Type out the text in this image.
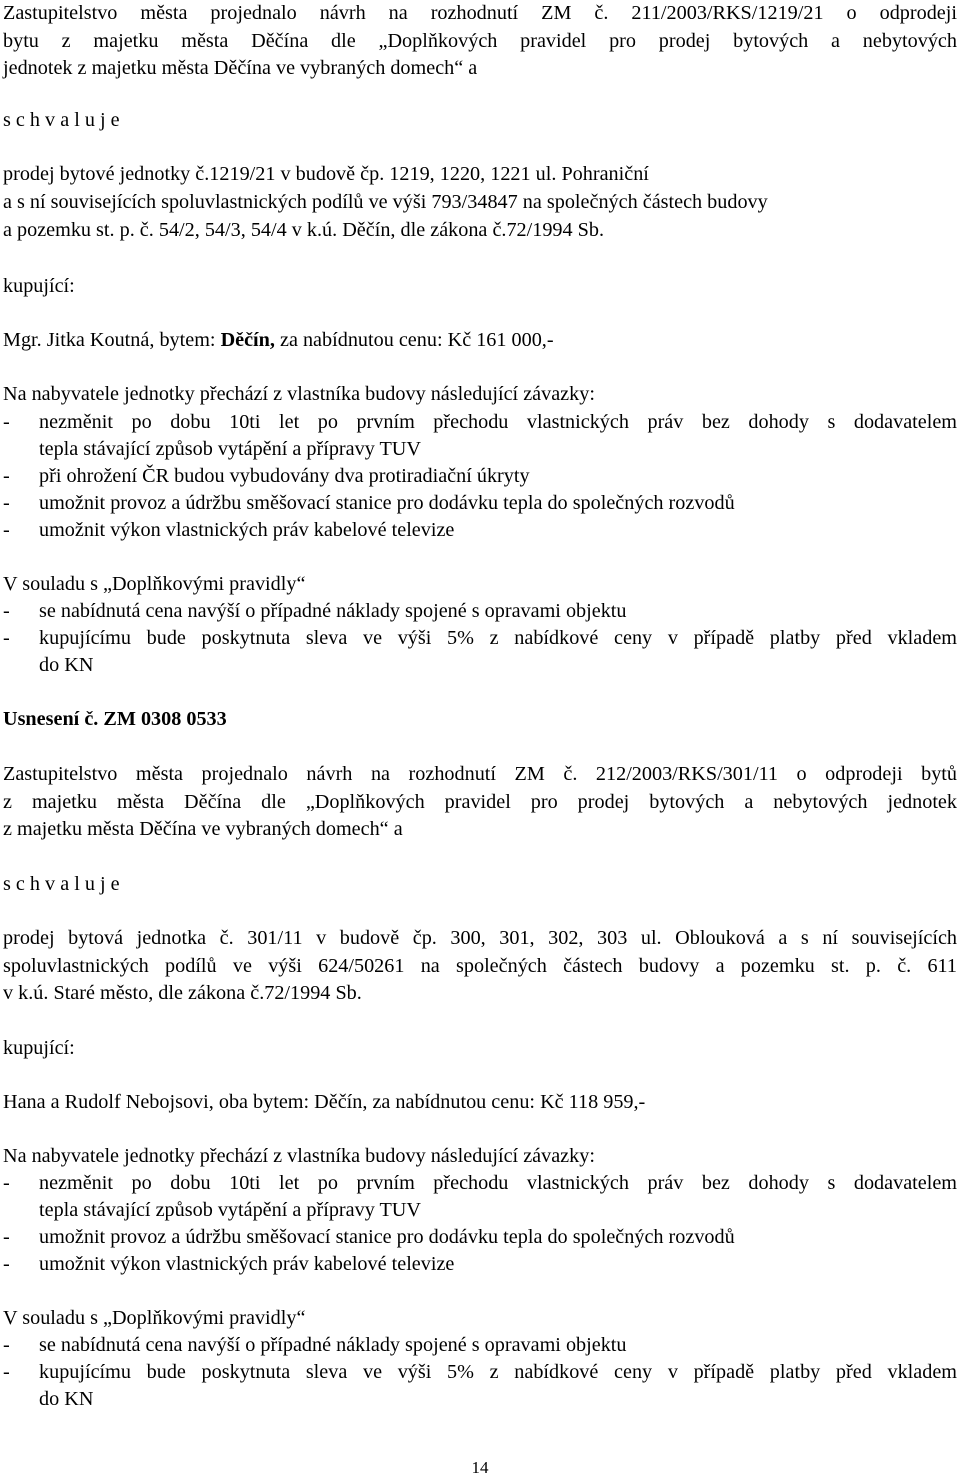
Zastupitelstvo města projednalo návrh na rozhodnutí ZM č. 211/2003/RKS/1219/21 o odprodeji
bytu z majetku města Děčína dle „Doplňkových pravidel pro prodej bytových a nebytových
jednotek z majetku města Děčína ve vybraných domech“ a
s c h v a l u j e
prodej bytové jednotky č.1219/21 v budově čp. 1219, 1220, 1221 ul. Pohraniční
a s ní souvisejících spoluvlastnických podílů ve výši 793/34847 na společných částech budovy
a pozemku st. p. č. 54/2, 54/3, 54/4 v k.ú. Děčín, dle zákona č.72/1994 Sb.
kupující:
Mgr. Jitka Koutná, bytem: Děčín, za nabídnutou cenu: Kč 161 000,-
Na nabyvatele jednotky přechází z vlastníka budovy následující závazky:
- nezměnit po dobu 10ti let po prvním přechodu vlastnických práv bez dohody s dodavatelem
tepla stávající způsob vytápění a přípravy TUV
- při ohrožení ČR budou vybudovány dva protiradiační úkryty
- umožnit provoz a údržbu směšovací stanice pro dodávku tepla do společných rozvodů
- umožnit výkon vlastnických práv kabelové televize
V souladu s „Doplňkovými pravidly“
- se nabídnutá cena navýší o případné náklady spojené s opravami objektu
- kupujícímu bude poskytnuta sleva ve výši 5% z nabídkové ceny v případě platby před vkladem
do KN
Usnesení č. ZM 0308 0533
Zastupitelstvo města projednalo návrh na rozhodnutí ZM č. 212/2003/RKS/301/11 o odprodeji bytů
z majetku města Děčína dle „Doplňkových pravidel pro prodej bytových a nebytových jednotek
z majetku města Děčína ve vybraných domech“ a
s c h v a l u j e
prodej bytová jednotka č. 301/11 v budově čp. 300, 301, 302, 303 ul. Oblouková a s ní souvisejících
spoluvlastnických podílů ve výši 624/50261 na společných částech budovy a pozemku st. p. č. 611
v k.ú. Staré město, dle zákona č.72/1994 Sb.
kupující:
Hana a Rudolf Nebojsovi, oba bytem: Děčín, za nabídnutou cenu: Kč 118 959,-
Na nabyvatele jednotky přechází z vlastníka budovy následující závazky:
- nezměnit po dobu 10ti let po prvním přechodu vlastnických práv bez dohody s dodavatelem
tepla stávající způsob vytápění a přípravy TUV
- umožnit provoz a údržbu směšovací stanice pro dodávku tepla do společných rozvodů
- umožnit výkon vlastnických práv kabelové televize
V souladu s „Doplňkovými pravidly“
- se nabídnutá cena navýší o případné náklady spojené s opravami objektu
- kupujícímu bude poskytnuta sleva ve výši 5% z nabídkové ceny v případě platby před vkladem
do KN
14
